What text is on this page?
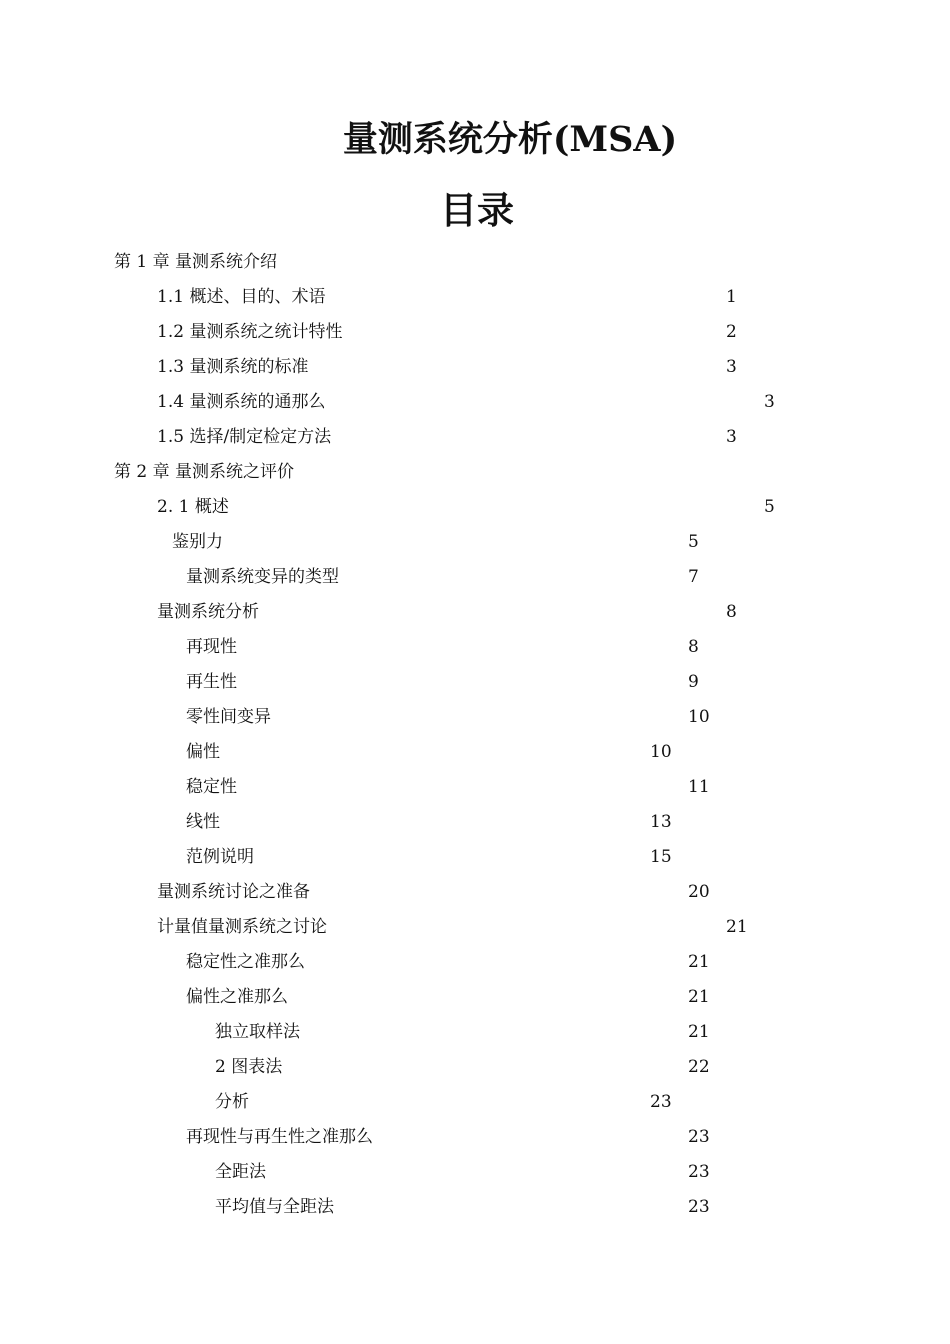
量测系统分析(MSA)
目录
第 1 章 量测系统介绍
1.1 概述、目的、术语	1
1.2 量测系统之统计特性	2
1.3 量测系统的标准	3
1.4 量测系统的通那么	3
1.5 选择/制定检定方法	3
第 2 章 量测系统之评价
2. 1 概述	5
鉴别力	5
量测系统变异的类型	7
量测系统分析	8
再现性	8
再生性	9
零性间变异	10
偏性	10
稳定性	11
线性	13
范例说明	15
量测系统讨论之准备	20
计量值量测系统之讨论	21
稳定性之准那么	21
偏性之准那么	21
独立取样法	21
2 图表法	22
分析	23
再现性与再生性之准那么	23
全距法	23
平均值与全距法	23
